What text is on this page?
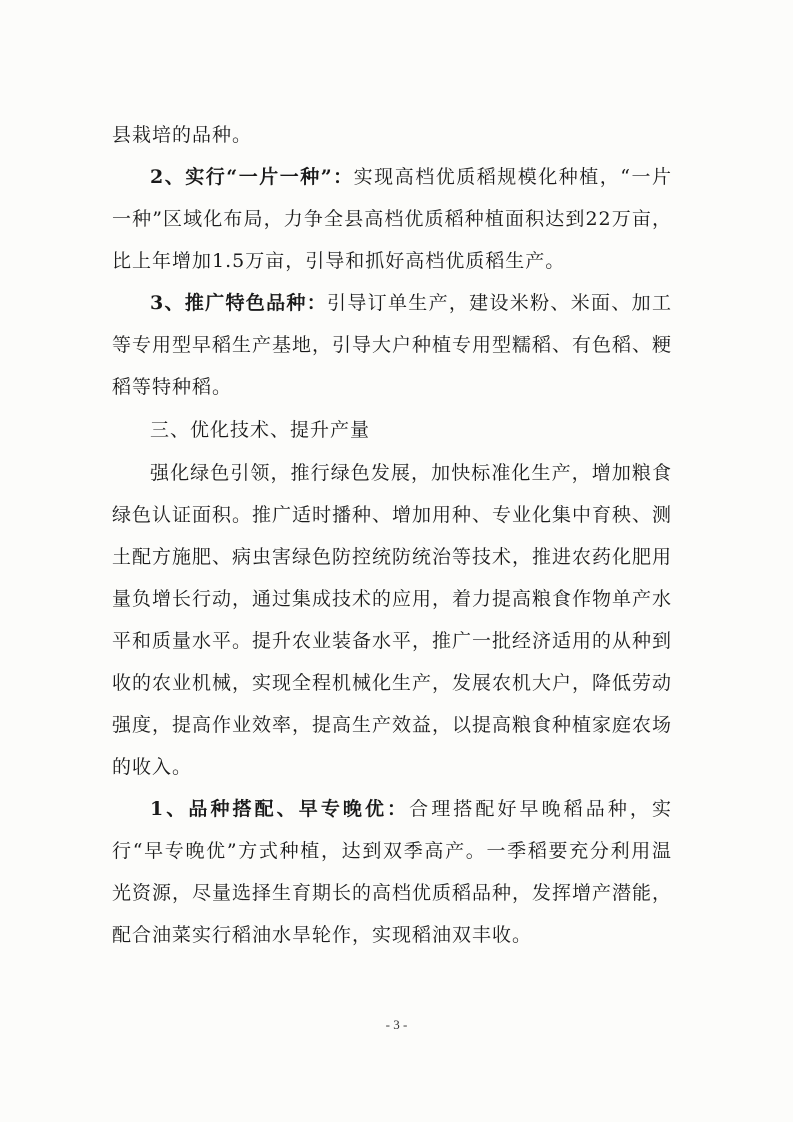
县栽培的品种。

2、实行“一片一种”：实现高档优质稻规模化种植，“一片一种”区域化布局，力争全县高档优质稻种植面积达到22万亩，比上年增加1.5万亩，引导和抓好高档优质稻生产。

3、推广特色品种：引导订单生产，建设米粉、米面、加工等专用型早稻生产基地，引导大户种植专用型糯稻、有色稻、粳稻等特种稻。

三、优化技术、提升产量

强化绿色引领，推行绿色发展，加快标准化生产，增加粮食绿色认证面积。推广适时播种、增加用种、专业化集中育秧、测土配方施肥、病虫害绿色防控统防统治等技术，推进农药化肥用量负增长行动，通过集成技术的应用，着力提高粮食作物单产水平和质量水平。提升农业装备水平，推广一批经济适用的从种到收的农业机械，实现全程机械化生产，发展农机大户，降低劳动强度，提高作业效率，提高生产效益，以提高粮食种植家庭农场的收入。

1、品种搭配、早专晚优：合理搭配好早晚稻品种，实行“早专晚优”方式种植，达到双季高产。一季稻要充分利用温光资源，尽量选择生育期长的高档优质稻品种，发挥增产潜能，配合油菜实行稻油水旱轮作，实现稻油双丰收。

- 3 -
